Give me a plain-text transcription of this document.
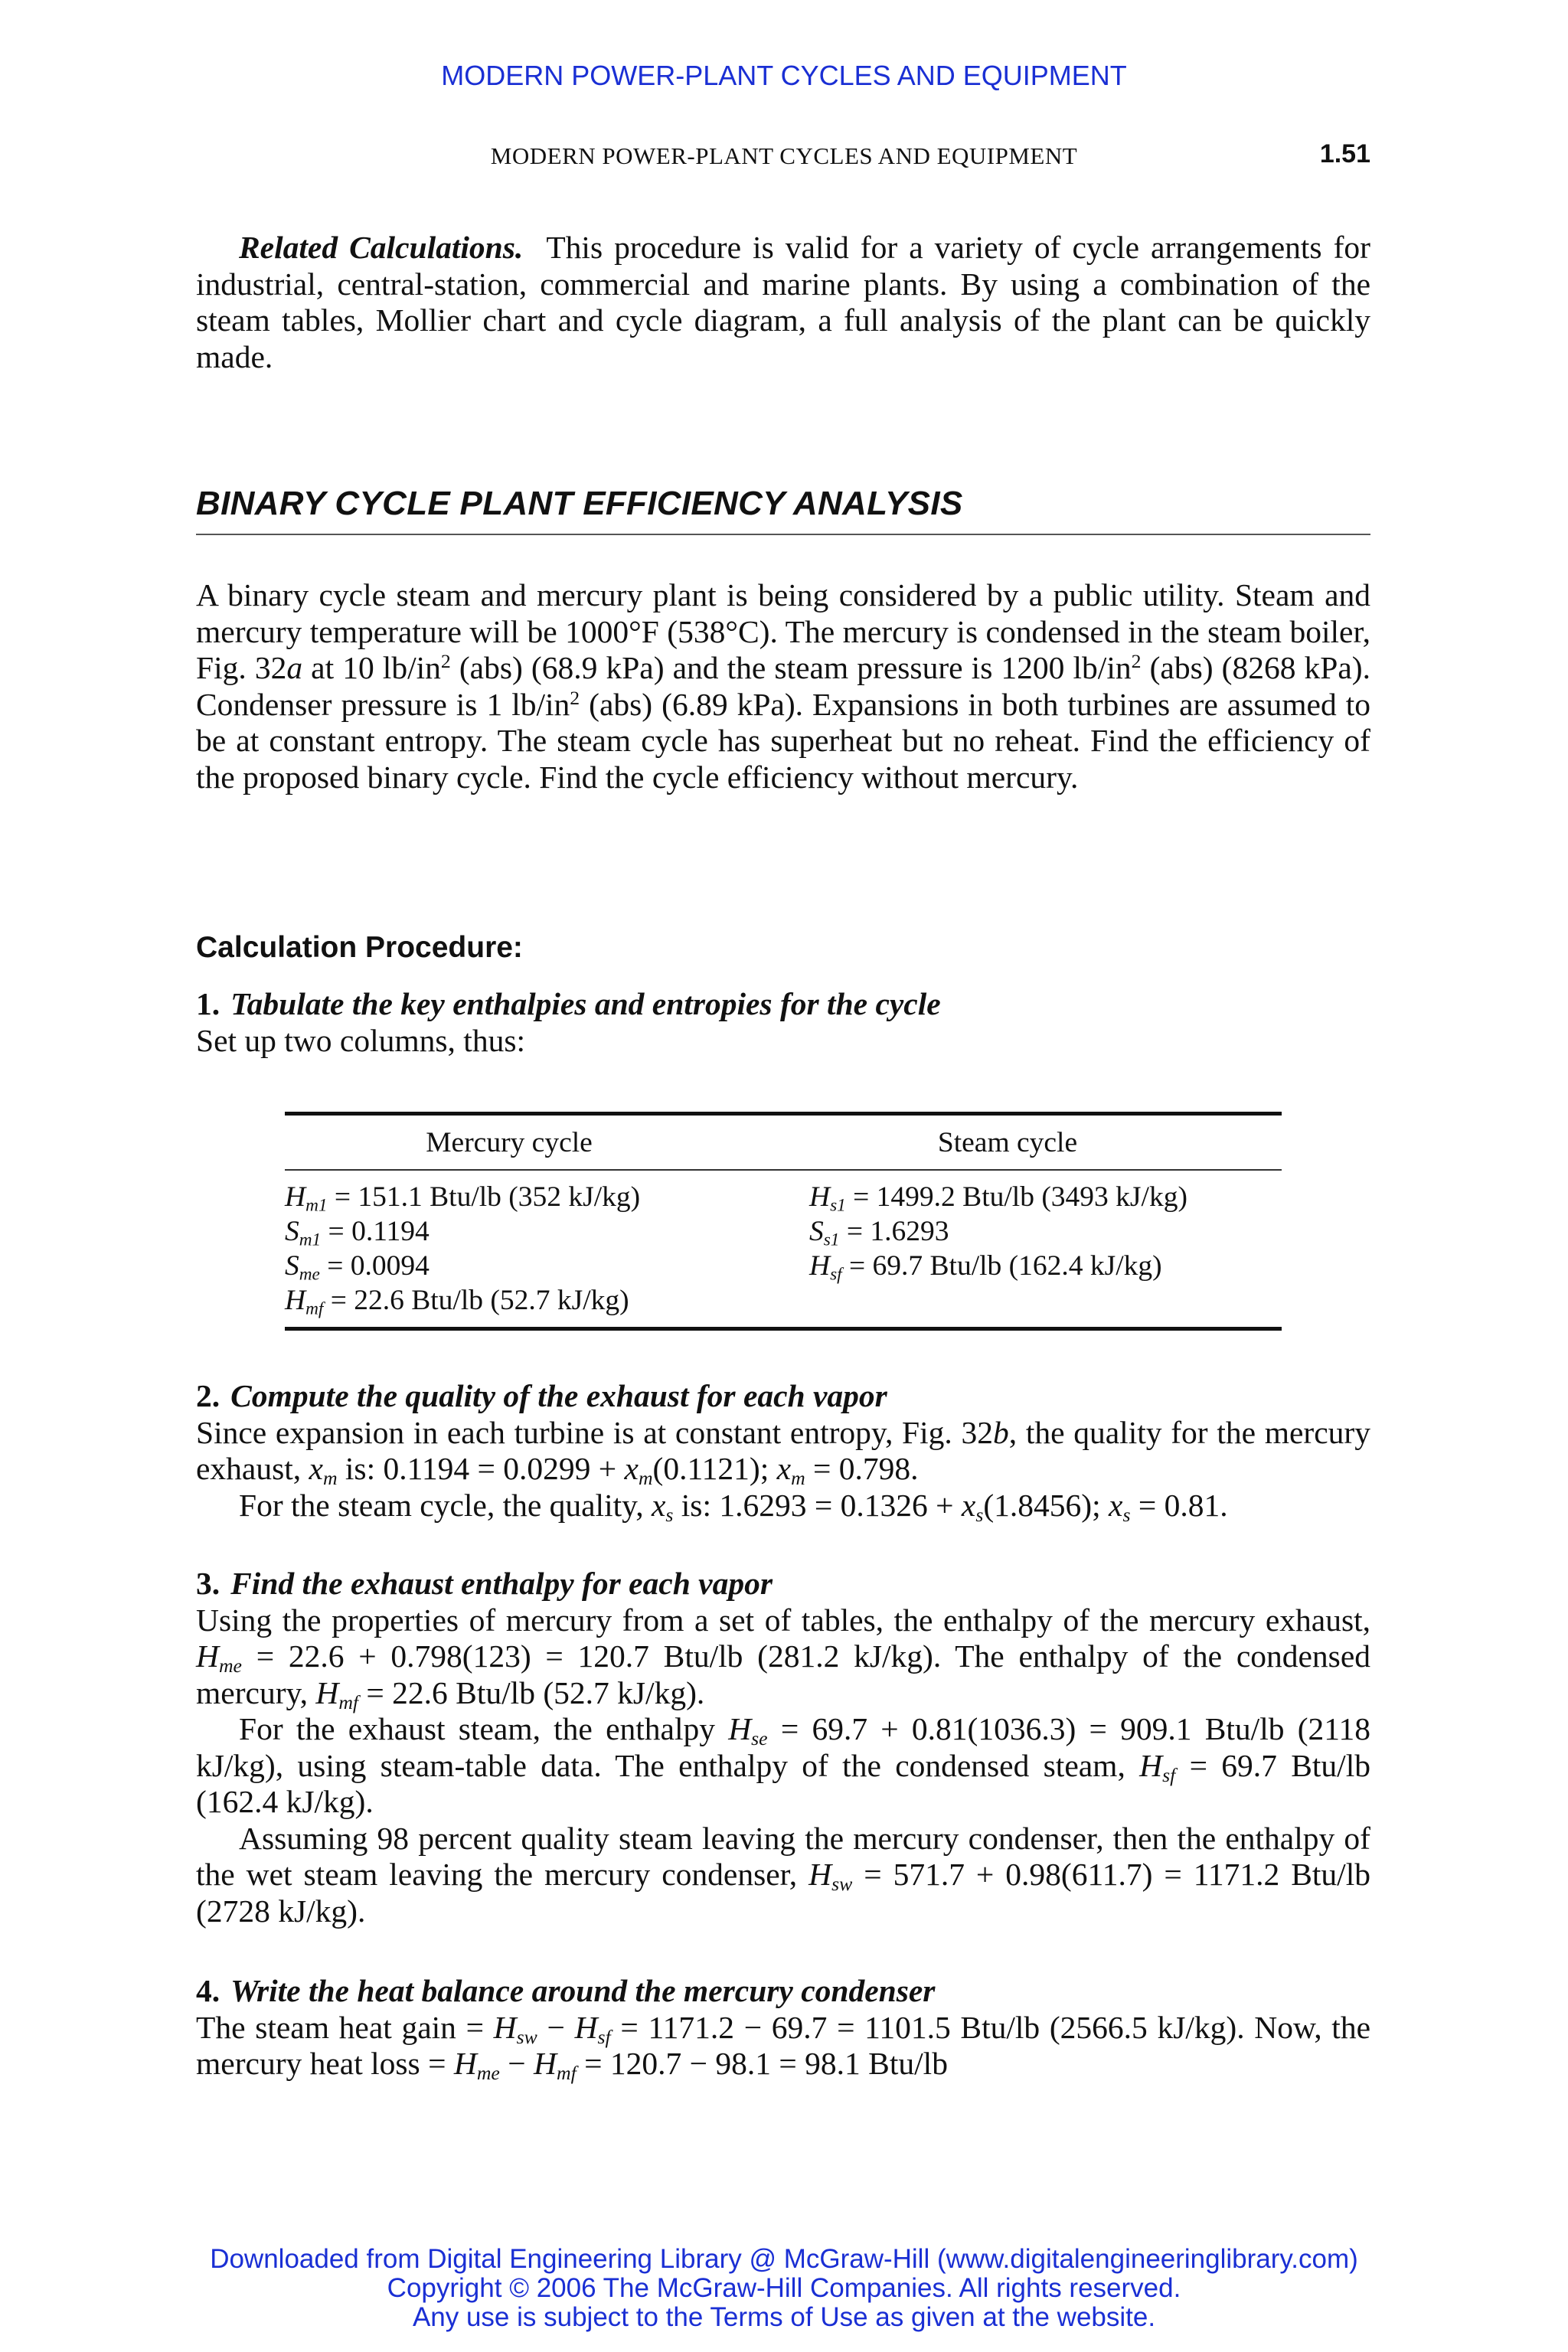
MODERN POWER-PLANT CYCLES AND EQUIPMENT
MODERN POWER-PLANT CYCLES AND EQUIPMENT	1.51

Related Calculations. This procedure is valid for a variety of cycle arrangements for industrial, central-station, commercial and marine plants. By using a combination of the steam tables, Mollier chart and cycle diagram, a full analysis of the plant can be quickly made.

BINARY CYCLE PLANT EFFICIENCY ANALYSIS

A binary cycle steam and mercury plant is being considered by a public utility. Steam and mercury temperature will be 1000°F (538°C). The mercury is condensed in the steam boiler, Fig. 32a at 10 $lb/in^2$ (abs) (68.9 kPa) and the steam pressure is 1200 $lb/in^2$ (abs) (8268 kPa). Condenser pressure is 1 $lb/in^2$ (abs) (6.89 kPa). Expansions in both turbines are assumed to be at constant entropy. The steam cycle has superheat but no reheat. Find the efficiency of the proposed binary cycle. Find the cycle efficiency without mercury.

Calculation Procedure:

1. Tabulate the key enthalpies and entropies for the cycle

Set up two columns, thus:

Mercury cycle	Steam cycle
$H_{m1} = 151.1$ Btu/lb (352 kJ/kg)
$S_{m1} = 0.1194$
$S_{me} = 0.0094$
$H_{mf} = 22.6$ Btu/lb (52.7 kJ/kg)
$H_{s1} = 1499.2$ Btu/lb (3493 kJ/kg)
$S_{s1} = 1.6293$
$H_{sf} = 69.7$ Btu/lb (162.4 kJ/kg)

2. Compute the quality of the exhaust for each vapor

Since expansion in each turbine is at constant entropy, Fig. 32b, the quality for the mercury exhaust, $x_m$ is: $0.1194 = 0.0299 + x_m(0.1121)$; $x_m = 0.798$.

For the steam cycle, the quality, $x_s$ is: $1.6293 = 0.1326 + x_s(1.8456)$; $x_s = 0.81$.

3. Find the exhaust enthalpy for each vapor

Using the properties of mercury from a set of tables, the enthalpy of the mercury exhaust, $H_{me} = 22.6 + 0.798(123) = 120.7$ Btu/lb (281.2 kJ/kg). The enthalpy of the condensed mercury, $H_{mf} = 22.6$ Btu/lb (52.7 kJ/kg).

For the exhaust steam, the enthalpy $H_{se} = 69.7 + 0.81(1036.3) = 909.1$ Btu/lb (2118 kJ/kg), using steam-table data. The enthalpy of the condensed steam, $H_{sf} = 69.7$ Btu/lb (162.4 kJ/kg).

Assuming 98 percent quality steam leaving the mercury condenser, then the enthalpy of the wet steam leaving the mercury condenser, $H_{sw} = 571.7 + 0.98(611.7) = 1171.2$ Btu/lb (2728 kJ/kg).

4. Write the heat balance around the mercury condenser

The steam heat gain = $H_{sw} - H_{sf} = 1171.2 - 69.7 = 1101.5$ Btu/lb (2566.5 kJ/kg). Now, the mercury heat loss = $H_{me} - H_{mf} = 120.7 - 98.1 = 98.1$ Btu/lb

Downloaded from Digital Engineering Library @ McGraw-Hill (www.digitalengineeringlibrary.com)
Copyright © 2006 The McGraw-Hill Companies. All rights reserved.
Any use is subject to the Terms of Use as given at the website.
